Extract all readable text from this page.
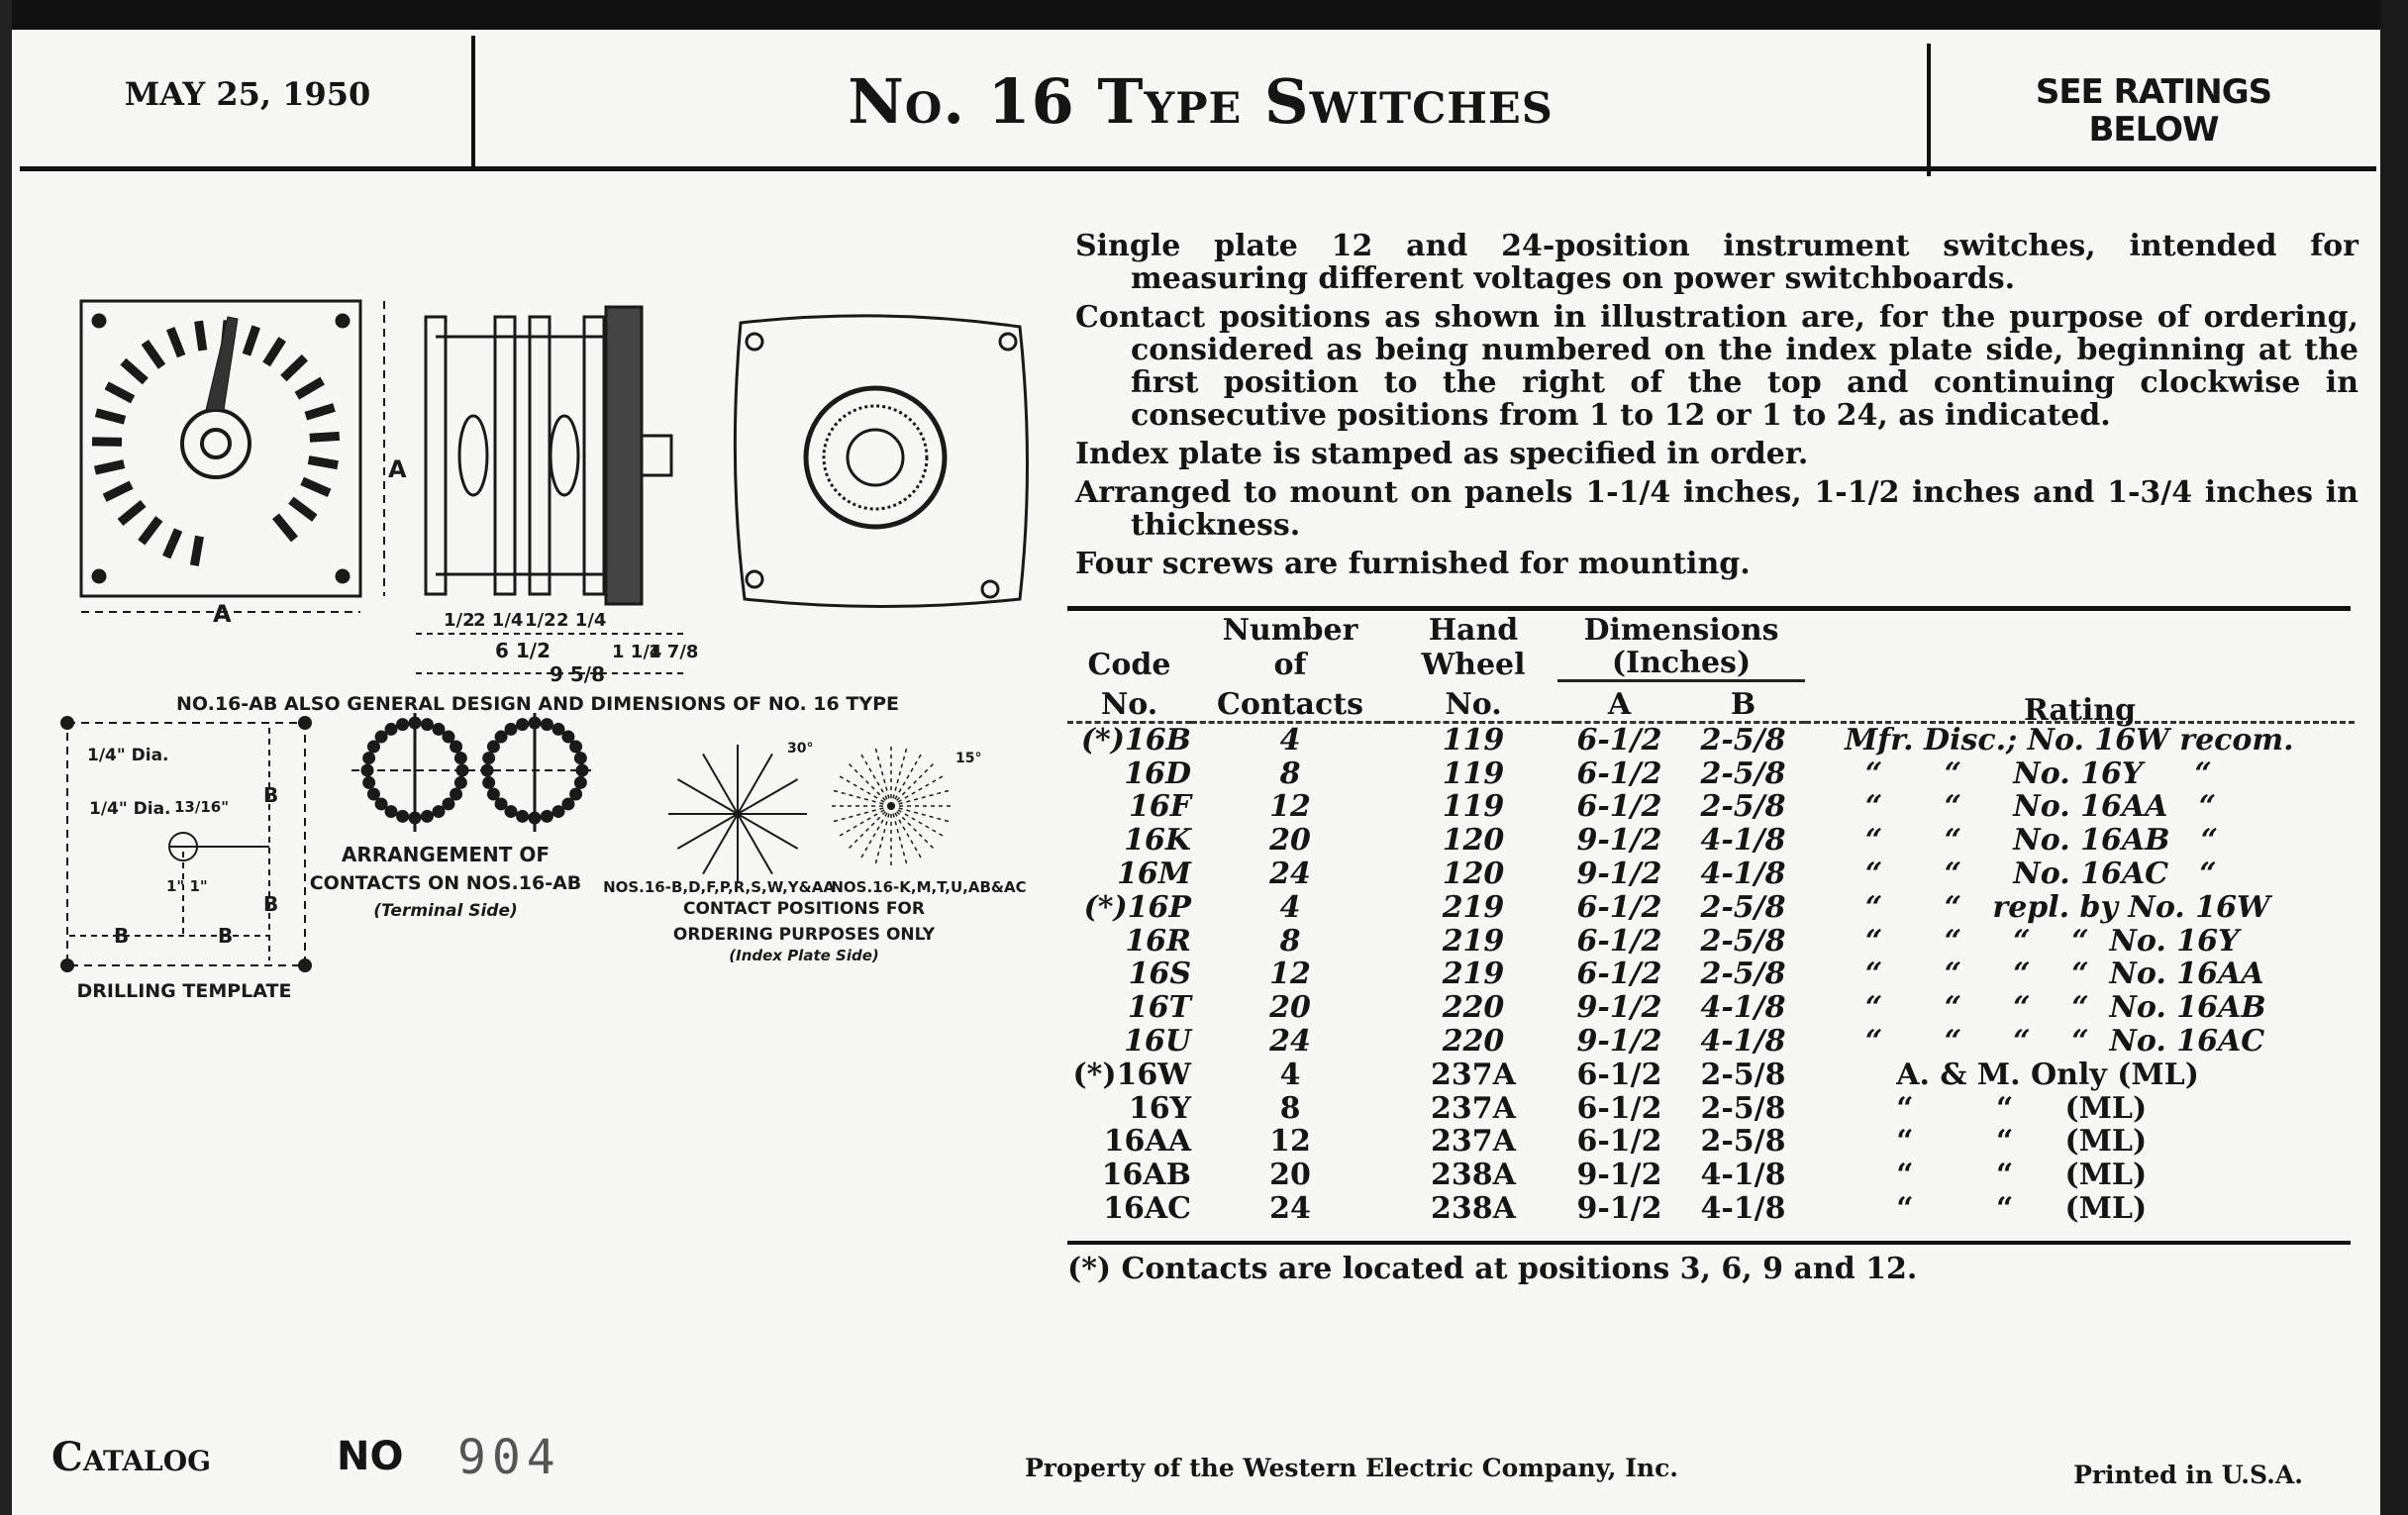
MAY 25, 1950	No. 16 Type Switches	SEE RATINGS
BELOW

Single plate 12 and 24-position instrument switches, intended for measuring different voltages on power switchboards.

Contact positions as shown in illustration are, for the purpose of ordering, considered as being numbered on the index plate side, beginning at the first position to the right of the top and continuing clockwise in consecutive positions from 1 to 12 or 1 to 24, as indicated.

Index plate is stamped as specified in order.

Arranged to mount on panels 1-1/4 inches, 1-1/2 inches and 1-3/4 inches in thickness.

Four screws are furnished for mounting.

	Number	Hand	Dimensions		
Code	of	Wheel	(Inches)		
No.	Contacts	No.	A	B	Rating
(*)16B	4	119	6-1/2	2-5/8	Mfr. Disc.; No. 16W recom.
16D	8	119	6-1/2	2-5/8	“      “     No. 16Y     “
16F	12	119	6-1/2	2-5/8	“      “     No. 16AA   “
16K	20	120	9-1/2	4-1/8	“      “     No. 16AB   “
16M	24	120	9-1/2	4-1/8	“      “     No. 16AC   “
(*)16P	4	219	6-1/2	2-5/8	“      “   repl. by No. 16W
16R	8	219	6-1/2	2-5/8	“      “     “    “  No. 16Y
16S	12	219	6-1/2	2-5/8	“      “     “    “  No. 16AA
16T	20	220	9-1/2	4-1/8	“      “     “    “  No. 16AB
16U	24	220	9-1/2	4-1/8	“      “     “    “  No. 16AC
(*)16W	4	237A	6-1/2	2-5/8	A. & M. Only (ML)
16Y	8	237A	6-1/2	2-5/8	“        “     (ML)
16AA	12	237A	6-1/2	2-5/8	“        “     (ML)
16AB	20	238A	9-1/2	4-1/8	“        “     (ML)
16AC	24	238A	9-1/2	4-1/8	“        “     (ML)
(*) Contacts are located at positions 3, 6, 9 and 12.
A
A	1/2
2 1/4 1/2 2 1/4
1 1/4
1 7/8
6 1/2
9 5/8
NO.16-AB ALSO GENERAL DESIGN AND DIMENSIONS OF NO. 16 TYPE
1/4" Dia.
1/4" Dia. 13/16"
1" 1"
B
B
B	B
DRILLING TEMPLATE
ARRANGEMENT OF
CONTACTS ON NOS.16-AB
(Terminal Side)
30°
15°
NOS.16-B,D,F,P,R,S,W,Y&AA
NOS.16-K,M,T,U,AB&AC
CONTACT POSITIONS FOR
ORDERING PURPOSES ONLY
(Index Plate Side)
Catalog	NO 904	Property of the Western Electric Company, Inc.	Printed in U.S.A.
